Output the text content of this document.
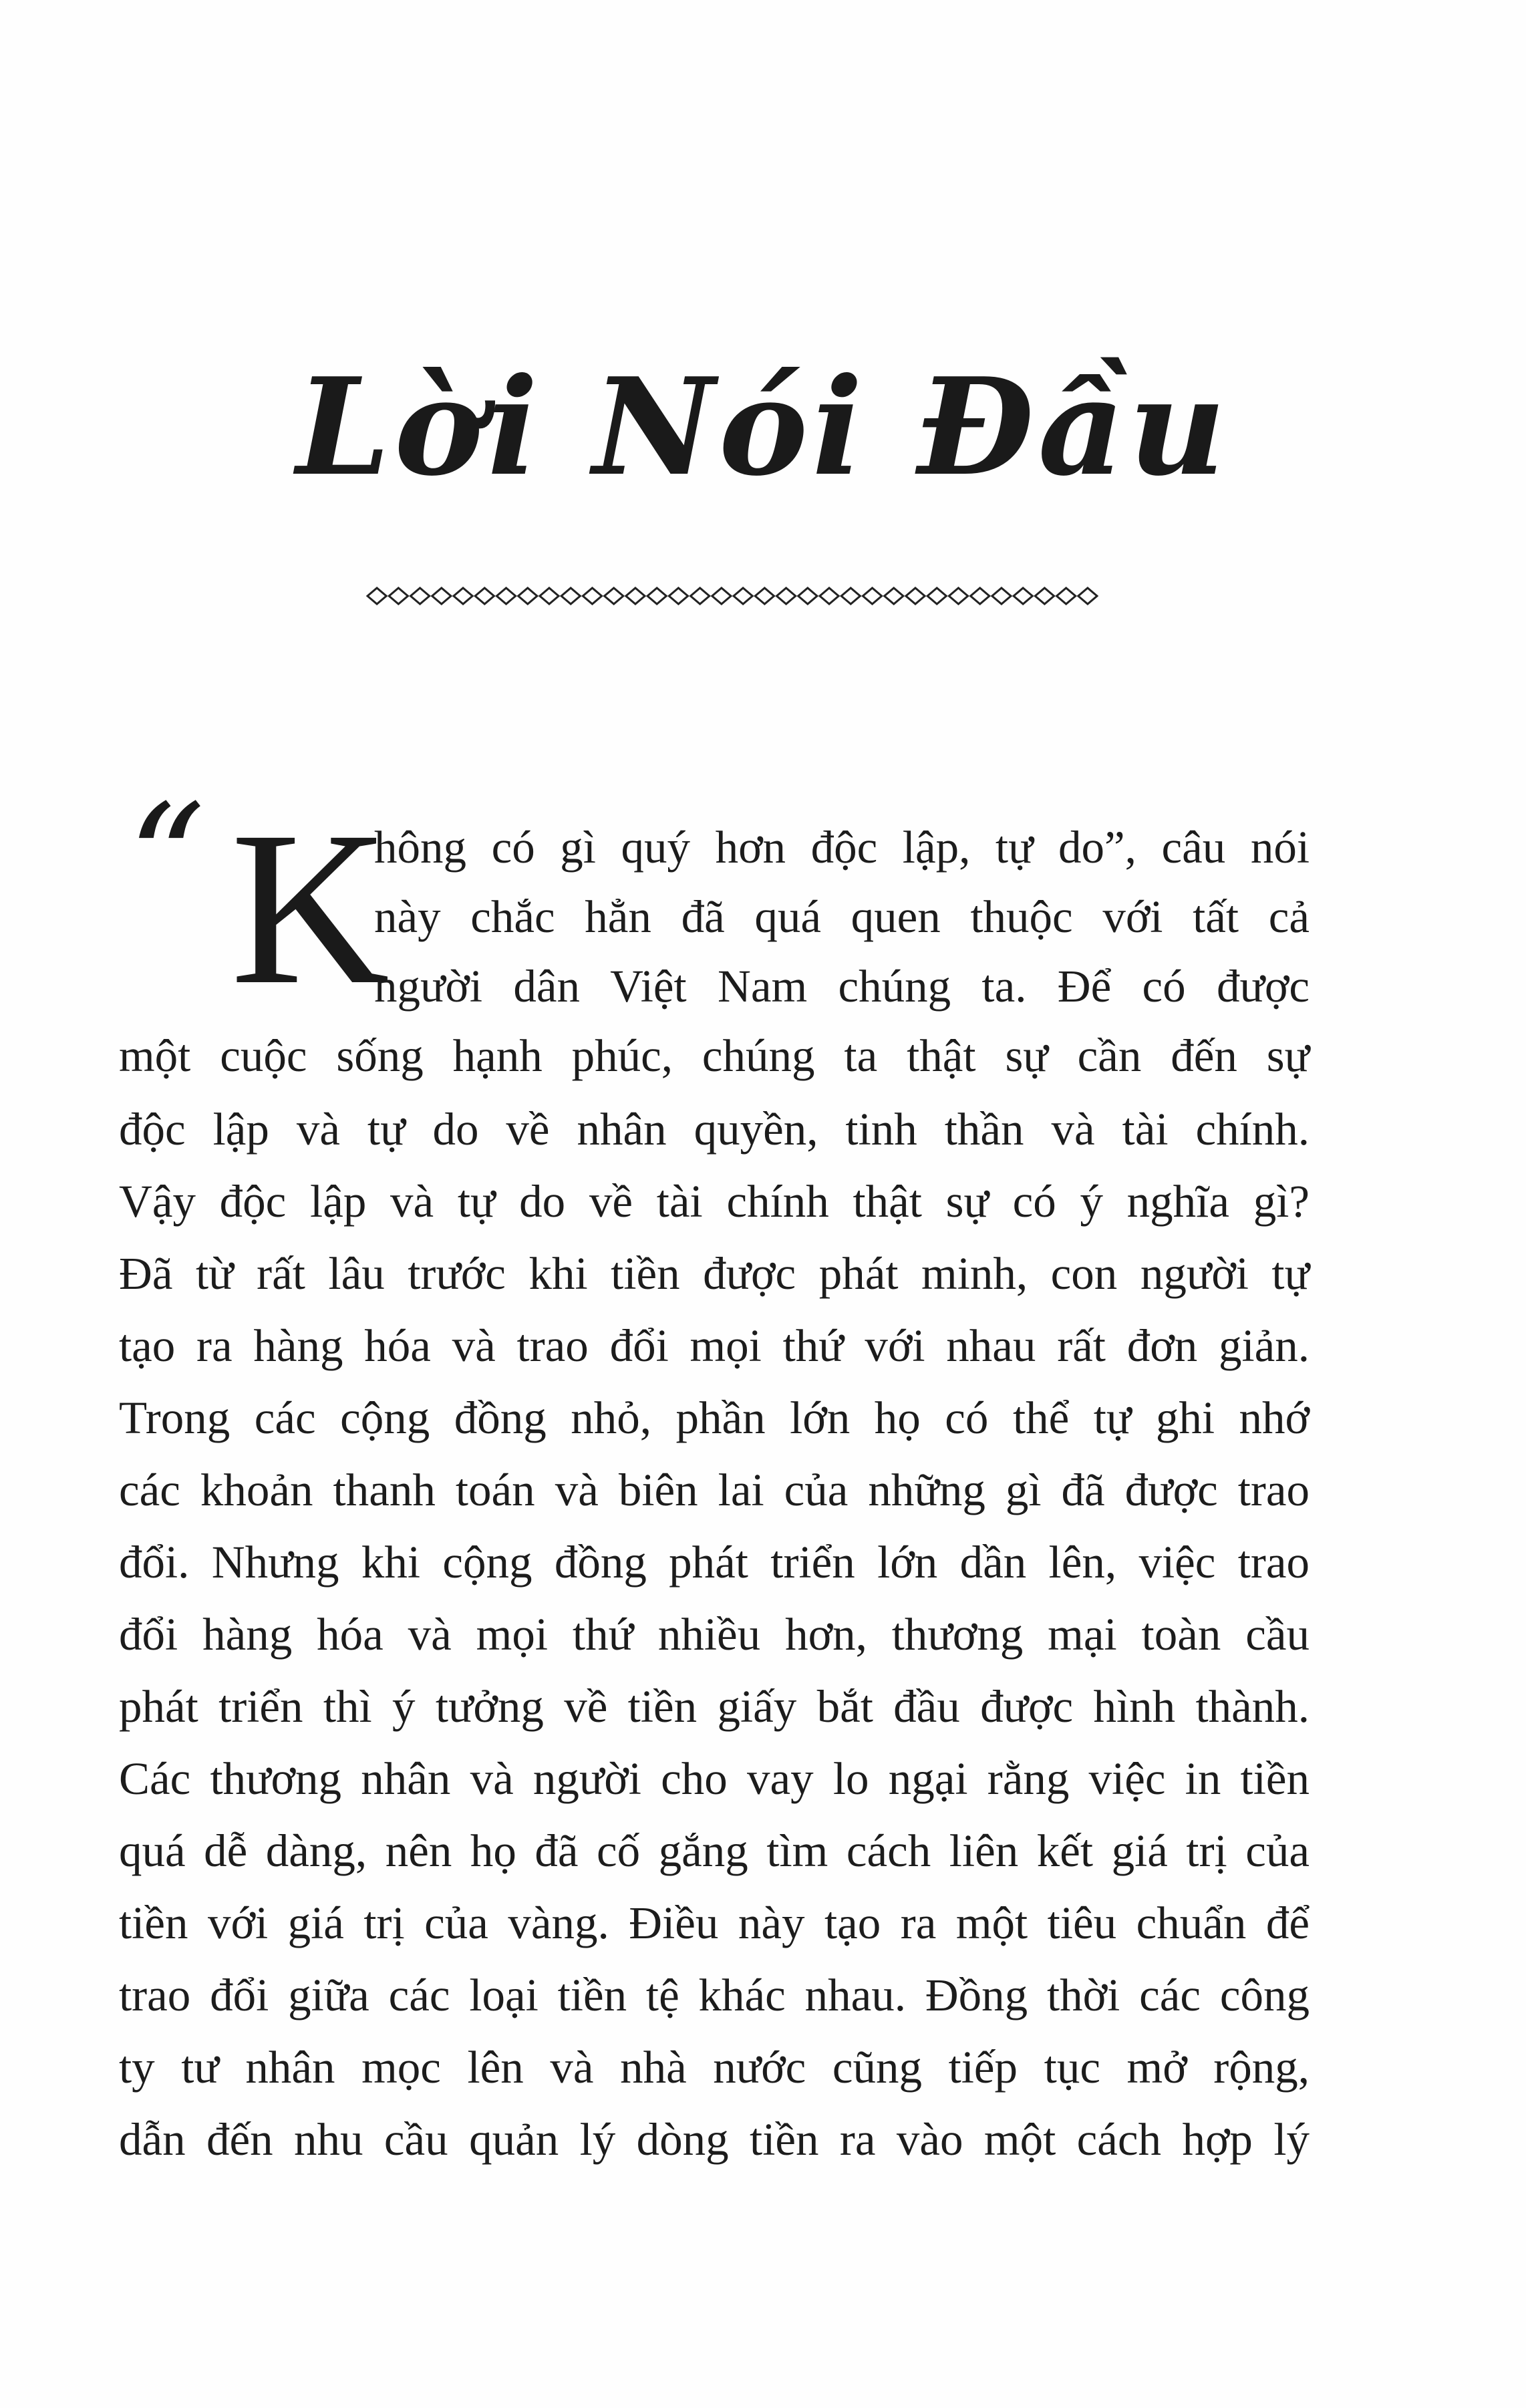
Lời Nói Đầu
“ K
hông có gì quý hơn độc lập, tự do”, câu nói
này chắc hẳn đã quá quen thuộc với tất cả
người dân Việt Nam chúng ta. Để có được
một cuộc sống hạnh phúc, chúng ta thật sự cần đến sự
độc lập và tự do về nhân quyền, tinh thần và tài chính.
Vậy độc lập và tự do về tài chính thật sự có ý nghĩa gì?
Đã từ rất lâu trước khi tiền được phát minh, con người tự
tạo ra hàng hóa và trao đổi mọi thứ với nhau rất đơn giản.
Trong các cộng đồng nhỏ, phần lớn họ có thể tự ghi nhớ
các khoản thanh toán và biên lai của những gì đã được trao
đổi. Nhưng khi cộng đồng phát triển lớn dần lên, việc trao
đổi hàng hóa và mọi thứ nhiều hơn, thương mại toàn cầu
phát triển thì ý tưởng về tiền giấy bắt đầu được hình thành.
Các thương nhân và người cho vay lo ngại rằng việc in tiền
quá dễ dàng, nên họ đã cố gắng tìm cách liên kết giá trị của
tiền với giá trị của vàng. Điều này tạo ra một tiêu chuẩn để
trao đổi giữa các loại tiền tệ khác nhau. Đồng thời các công
ty tư nhân mọc lên và nhà nước cũng tiếp tục mở rộng,
dẫn đến nhu cầu quản lý dòng tiền ra vào một cách hợp lý
